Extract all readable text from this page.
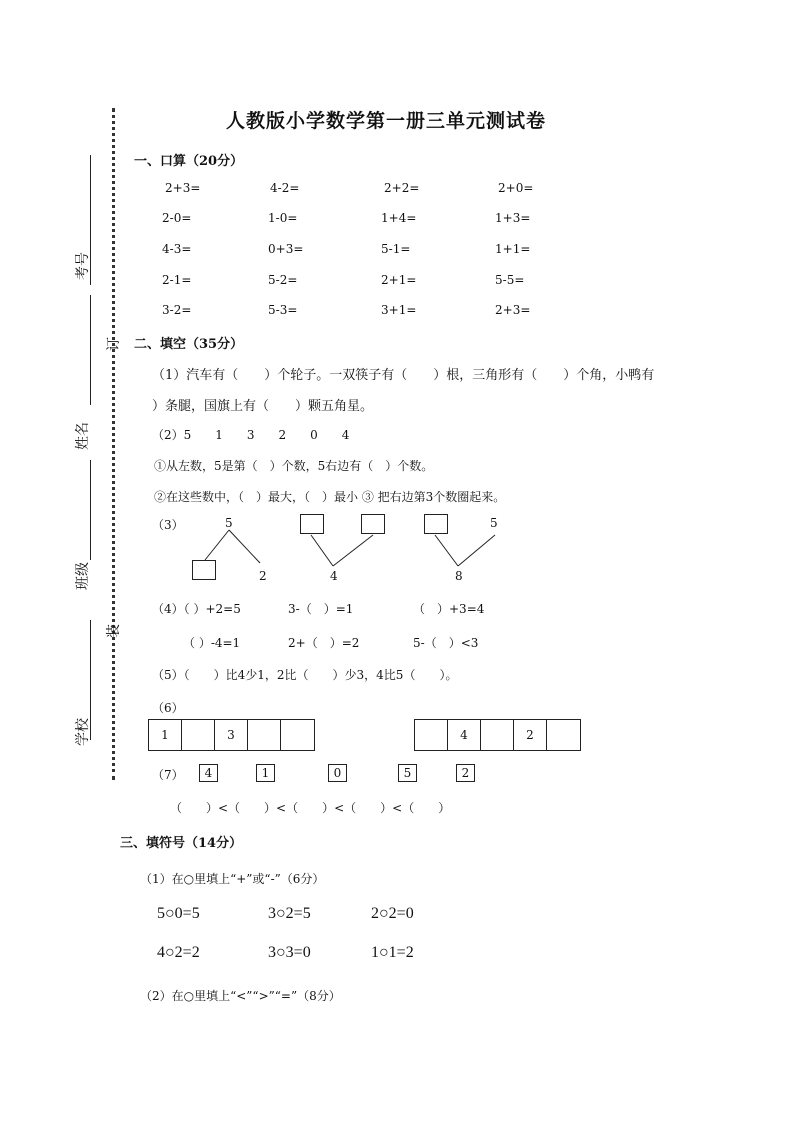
考号
姓名
班级
学校
订
装
人教版小学数学第一册三单元测试卷
一、口算（20分）
2+3=	4-2=	2+2=	2+0=
2-0=	1-0=	1+4=	1+3=
4-3=	0+3=	5-1=	1+1=
2-1=	5-2=	2+1=	5-5=
3-2=	5-3=	3+1=	2+3=
二、填空（35分）
（1）汽车有（　　）个轮子。一双筷子有（　　）根，三角形有（　　）个角，小鸭有
）条腿，国旗上有（　　）颗五角星。
（2）5　　1　　3　　2　　0　　4
①从左数，5是第（　）个数，5右边有（　）个数。
②在这些数中，（　）最大，（　）最小 ③ 把右边第3个数圈起来。
（3）	5
2	4
5
8
（4）（ ）+2=5	3-（　）=1	（　）+3=4
（ ）-4=1	2+（　）=2	5-（　）<3
（5）（　　）比4少1，2比（　　）少3，4比5（　　）。
（6）
1	3	4	2
（7）	4	1	0	5	2
（　　）<（　　）<（　　）<（　　）<（　　）
三、填符号（14分）
（1）在○里填上“+”或“-”（6分）
5○0=5	3○2=5	2○2=0
4○2=2	3○3=0	1○1=2
（2）在○里填上“<”“>”“=”（8分）
